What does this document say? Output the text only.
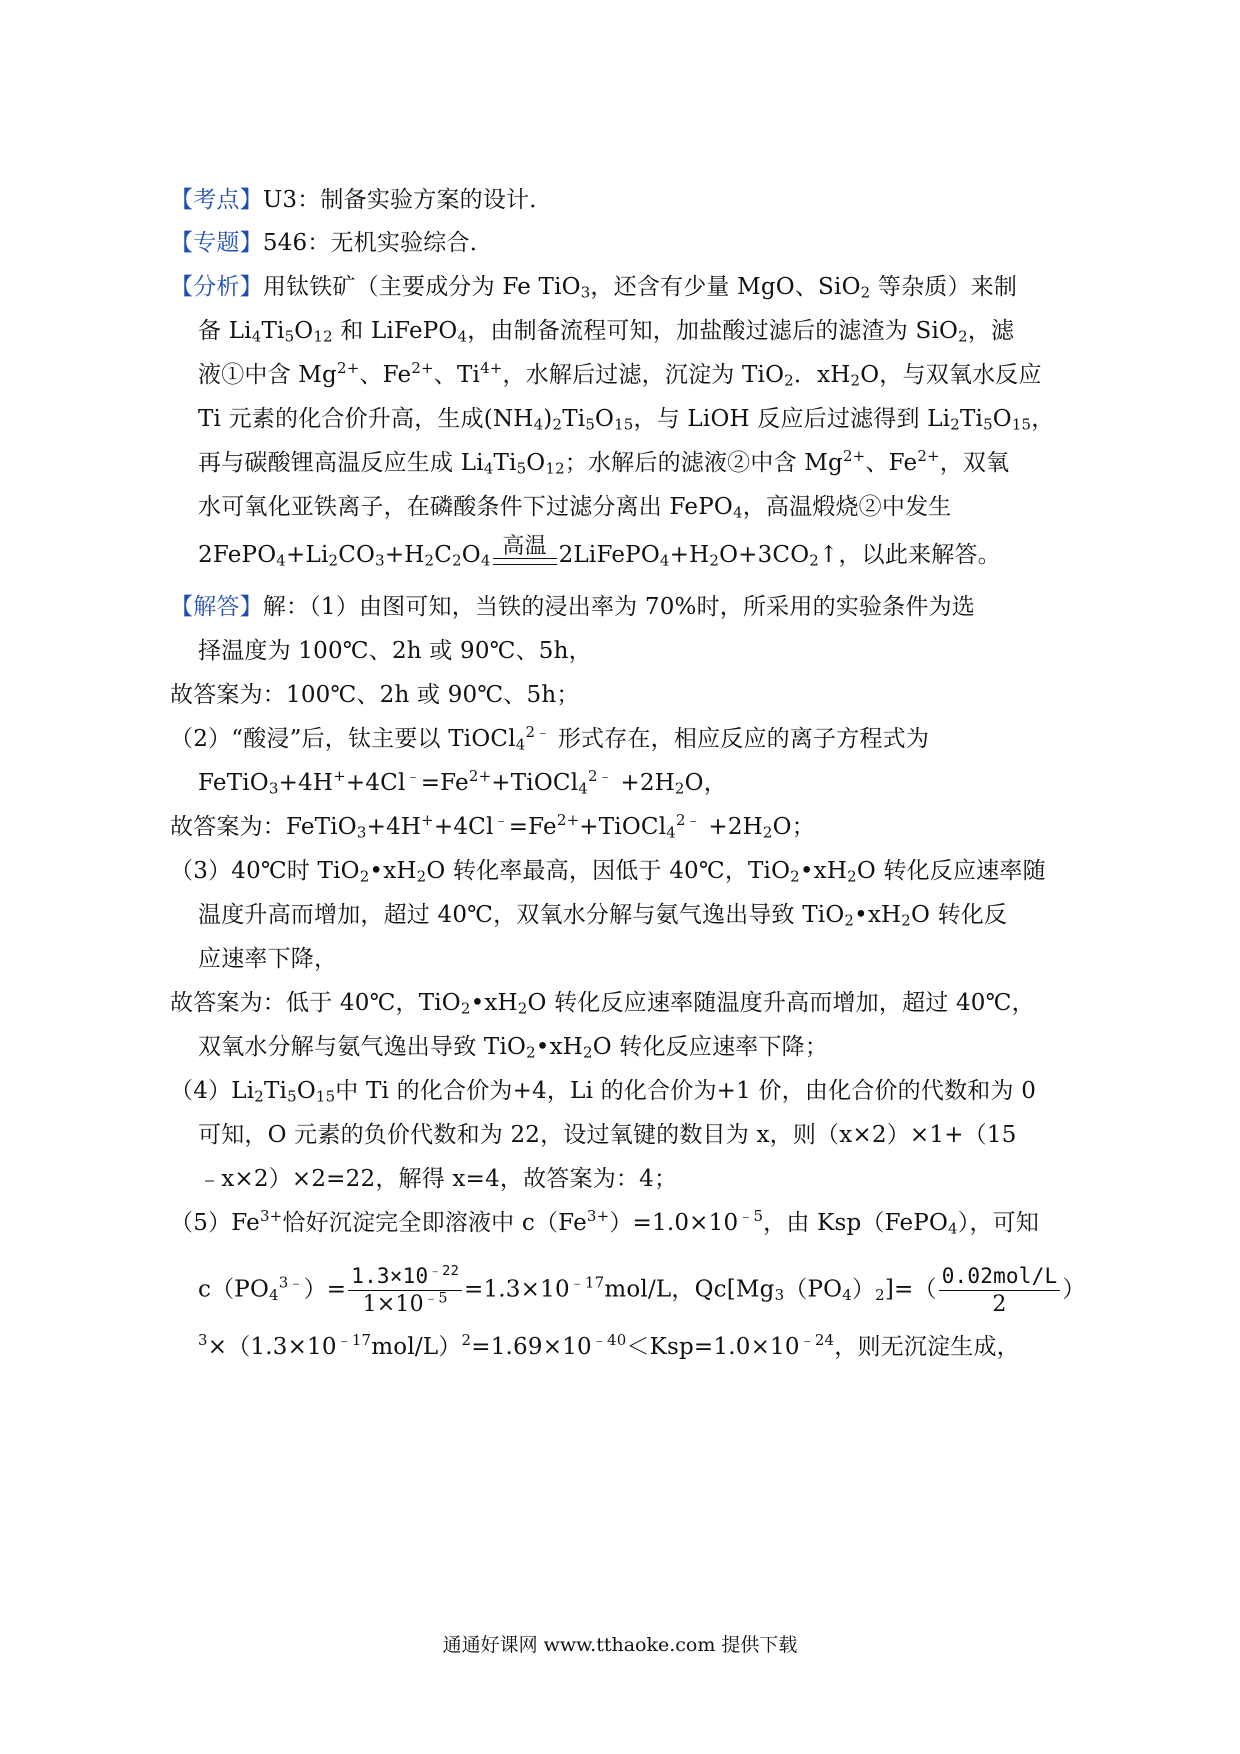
【考点】U3：制备实验方案的设计．
【专题】546：无机实验综合．
【分析】用钛铁矿（主要成分为 Fe TiO$_3$，还含有少量 MgO、SiO$_2$ 等杂质）来制
备 $Li_4Ti_5O_{12}$ 和 LiFePO$_4$，由制备流程可知，加盐酸过滤后的滤渣为 SiO$_2$，滤
液①中含 $Mg^{2+}$、$Fe^{2+}$、$Ti^{4+}$，水解后过滤，沉淀为 TiO$_2$．$xH_2O$，与双氧水反应
Ti 元素的化合价升高，生成$(NH_4)_2Ti_5O_{15}$，与 LiOH 反应后过滤得到 $Li_2Ti_5O_{15}$，
再与碳酸锂高温反应生成 $Li_4Ti_5O_{12}$；水解后的滤液②中含 $Mg^{2+}$、$Fe^{2+}$，双氧
水可氧化亚铁离子，在磷酸条件下过滤分离出 FePO$_4$，高温煅烧②中发生
$2FePO_4+Li_2CO_3+H_2C_2O_4$
高温 $2LiFePO_4+H_2O+3CO_2↑$，以此来解答。
【解答】解：（1）由图可知，当铁的浸出率为 70%时，所采用的实验条件为选
择温度为 100℃、2h 或 90℃、5h，
故答案为：100℃、2h 或 90℃、5h；
（2）“酸浸”后，钛主要以 TiOCl$_4^{2﹣}$ 形式存在，相应反应的离子方程式为
$FeTiO_3+4H^++4Cl^﹣=Fe^{2+}+TiOCl_4^{2﹣} +2H_2O$，
故答案为：$FeTiO_3+4H^++4Cl^﹣=Fe^{2+}+TiOCl_4^{2﹣} +2H_2O$；
（3）40℃时 $TiO_2•xH_2O$ 转化率最高，因低于 40℃，$TiO_2•xH_2O$ 转化反应速率随
温度升高而增加，超过 40℃，双氧水分解与氨气逸出导致 $TiO_2•xH_2O$ 转化反
应速率下降，
故答案为：低于 40℃，$TiO_2•xH_2O$ 转化反应速率随温度升高而增加，超过 40℃，
双氧水分解与氨气逸出导致 $TiO_2•xH_2O$ 转化反应速率下降；
$(4)Li_2Ti_5O_{15}$中 Ti 的化合价为+4，Li 的化合价为+1 价，由化合价的代数和为 0
可知，O 元素的负价代数和为 22，设过氧键的数目为 x，则（x×2）×1+（15
﹣x×2）×2=22，解得 x=4，故答案为：4；
$(5)Fe^{3+}$恰好沉淀完全即溶液中 $c(Fe^{3+})=1.0\times 10^{﹣5}$，由 Ksp（FePO$_4$），可知
$c(PO_4^{3﹣})= \frac{1.3\times 10^{﹣22}}{1\times 10^{﹣5}} =1.3\times 10^{﹣17}mol/L$，$Qc[Mg_3(PO_4)_2]=( \frac{\text{0.02mol/L}}{2}$ ）
$^3\times(1.3\times 10^{﹣17}mol/L)^2=1.69\times 10^{﹣40}<Ksp=1.0\times 10^{﹣24}$，则无沉淀生成，
通通好课网 www.tthaoke.com 提供下载
